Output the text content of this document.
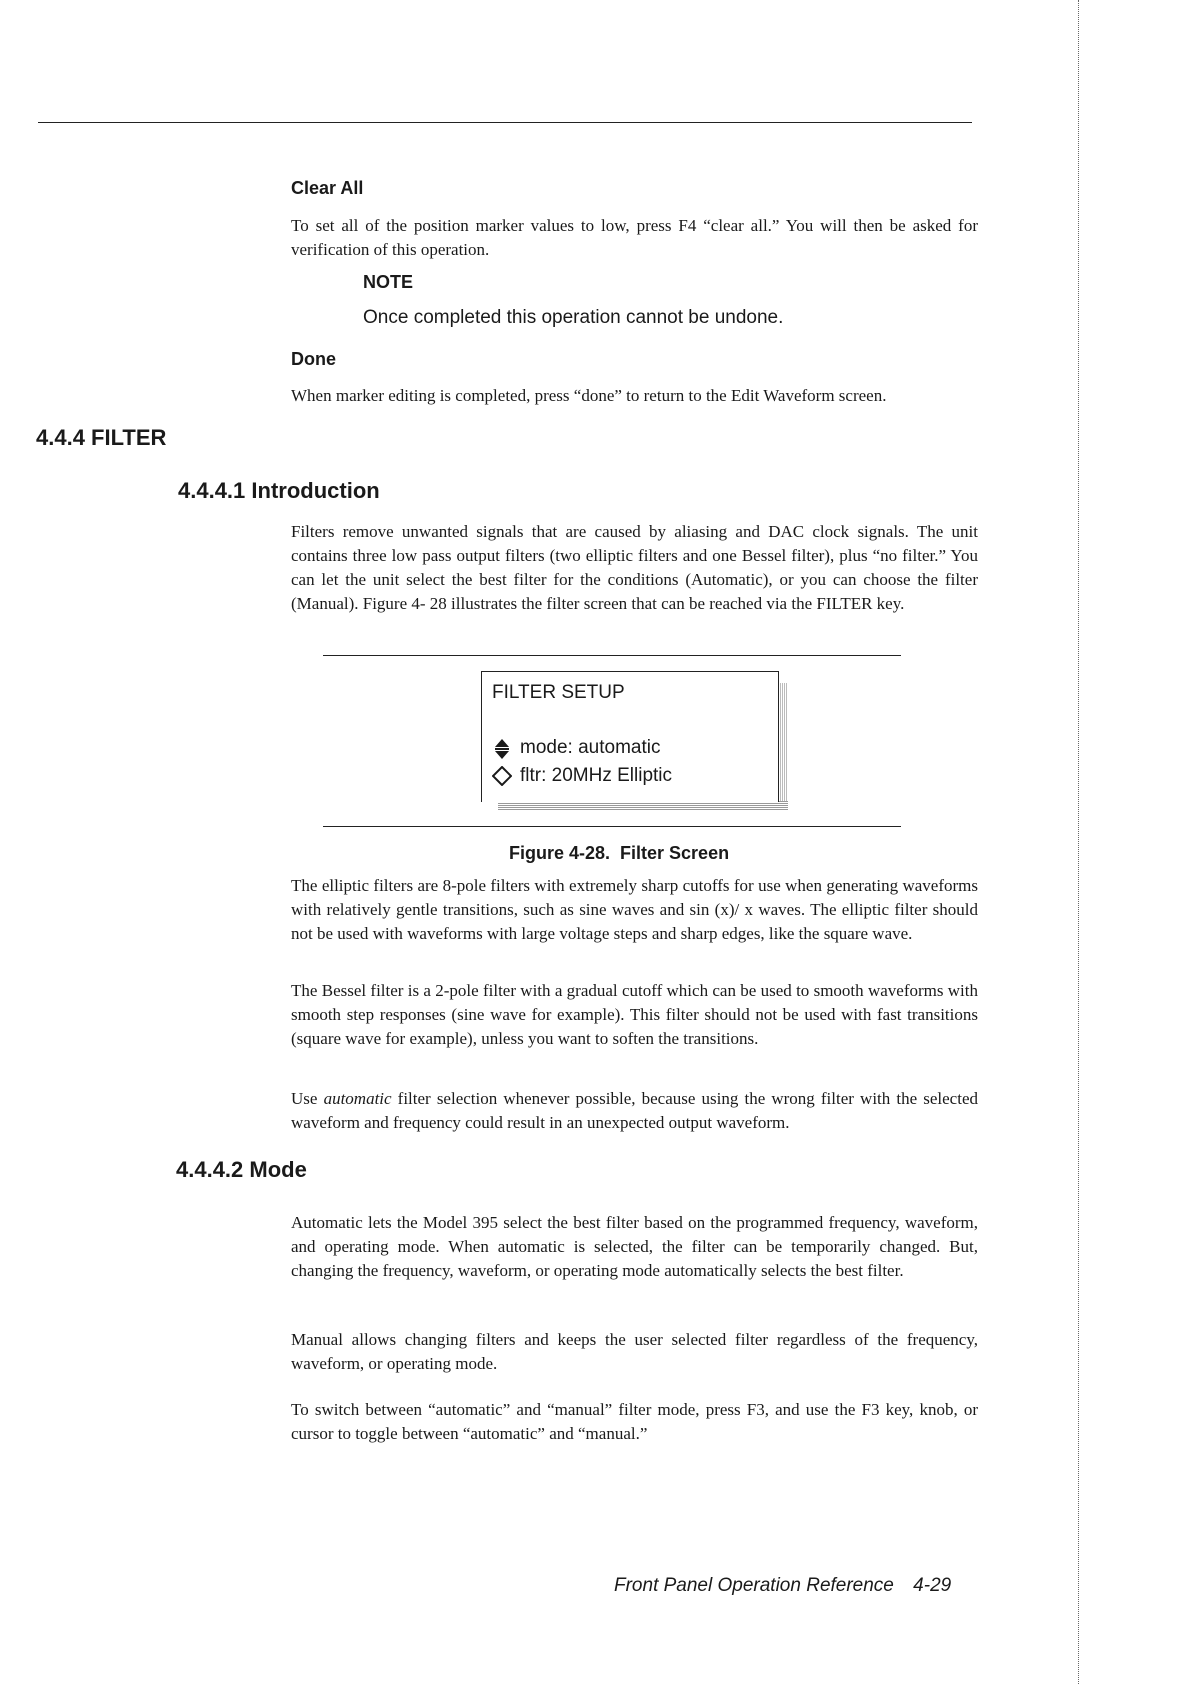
Clear All
To set all of the position marker values to low, press F4 “clear all.” You will then be asked for verification of this operation.
NOTE
Once completed this operation cannot be undone.
Done
When marker editing is completed, press “done” to return to the Edit Waveform screen.
4.4.4 FILTER
4.4.4.1 Introduction
Filters remove unwanted signals that are caused by aliasing and DAC clock signals. The unit contains three low pass output filters (two elliptic filters and one Bessel filter), plus “no filter.” You can let the unit select the best filter for the conditions (Automatic), or you can choose the filter (Manual). Figure 4- 28 illustrates the filter screen that can be reached via the FILTER key.
FILTER SETUP
mode: automatic
fltr: 20MHz Elliptic
Figure 4-28.  Filter Screen
The elliptic filters are 8-pole filters with extremely sharp cutoffs for use when generating waveforms with relatively gentle transitions, such as sine waves and sin (x)/ x waves. The elliptic filter should not be used with waveforms with large voltage steps and sharp edges, like the square wave.
The Bessel filter is a 2-pole filter with a gradual cutoff which can be used to smooth waveforms with smooth step responses (sine wave for example). This filter should not be used with fast transitions (square wave for example), unless you want to soften the transitions.
Use automatic filter selection whenever possible, because using the wrong filter with the selected waveform and frequency could result in an unexpected output waveform.
4.4.4.2 Mode
Automatic lets the Model 395 select the best filter based on the programmed frequency, waveform, and operating mode. When automatic is selected, the filter can be temporarily changed. But, changing the frequency, waveform, or operating mode automatically selects the best filter.
Manual allows changing filters and keeps the user selected filter regardless of the frequency, waveform, or operating mode.
To switch between “automatic” and “manual” filter mode, press F3, and use the F3 key, knob, or cursor to toggle between “automatic” and “manual.”
Front Panel Operation Reference 4-29
